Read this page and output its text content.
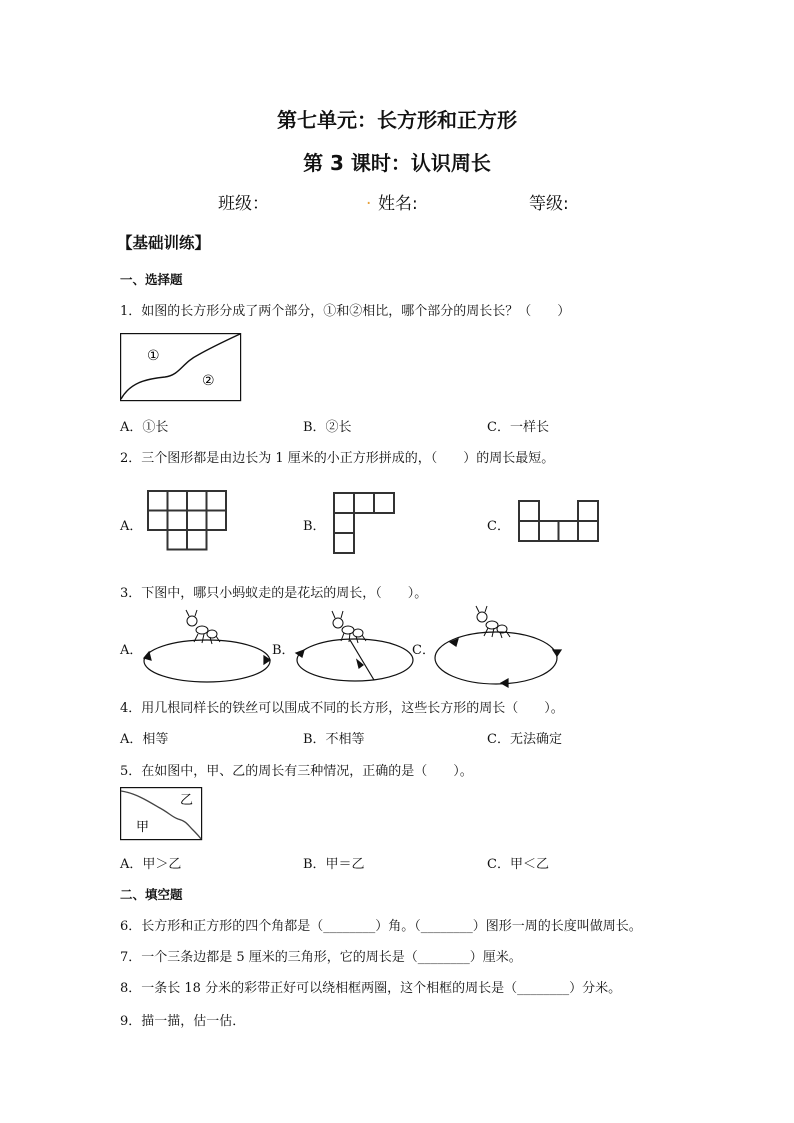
第七单元：长方形和正方形
第 3 课时：认识周长
班级：	. 姓名:	等级:
【基础训练】
一、选择题
1．如图的长方形分成了两个部分，①和②相比，哪个部分的周长长？（　　）
①
②
A．①长	B．②长	C．一样长
2．三个图形都是由边长为 1 厘米的小正方形拼成的，（　　）的周长最短。
A．	B．	C．
3．下图中，哪只小蚂蚁走的是花坛的周长，（　　）。
A．	B．	C．
4．用几根同样长的铁丝可以围成不同的长方形，这些长方形的周长（　　）。
A．相等	B．不相等	C．无法确定
5．在如图中，甲、乙的周长有三种情况，正确的是（　　）。
乙
甲
A．甲＞乙	B．甲＝乙	C．甲＜乙
二、填空题
6．长方形和正方形的四个角都是（________）角。（________）图形一周的长度叫做周长。
7．一个三条边都是 5 厘米的三角形，它的周长是（________）厘米。
8．一条长 18 分米的彩带正好可以绕相框两圈，这个相框的周长是（________）分米。
9．描一描，估一估．
